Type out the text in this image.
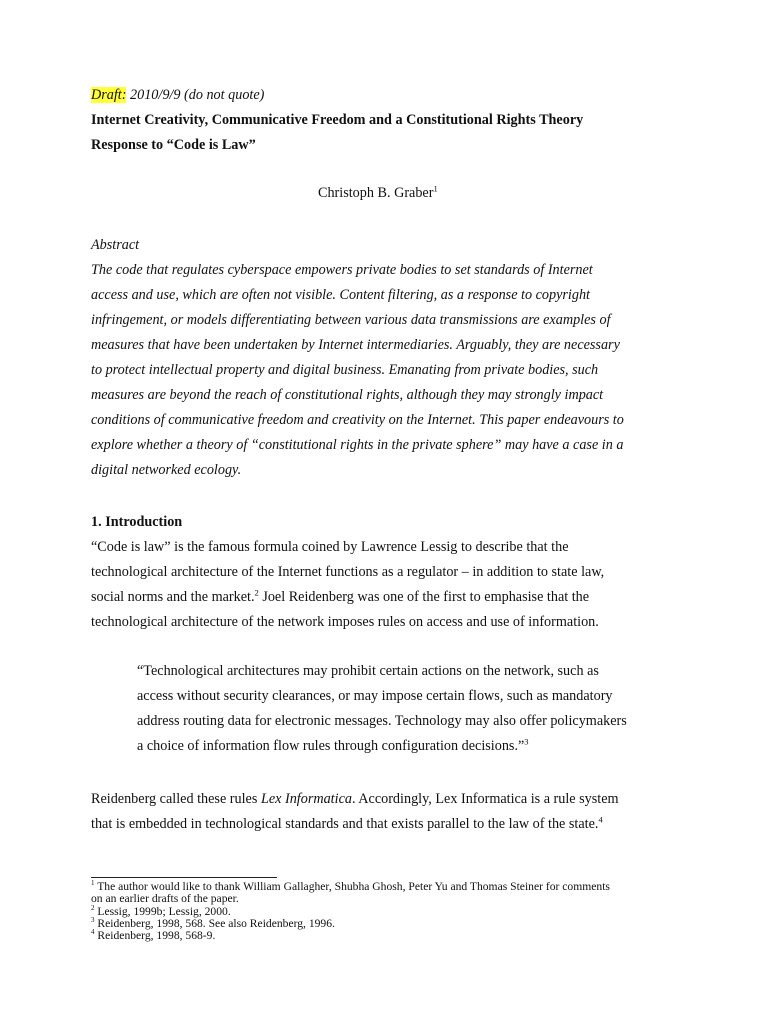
Draft: 2010/9/9 (do not quote)
Internet Creativity, Communicative Freedom and a Constitutional Rights Theory
Response to “Code is Law”
Christoph B. Graber$^1$
Abstract
The code that regulates cyberspace empowers private bodies to set standards of Internet
access and use, which are often not visible. Content filtering, as a response to copyright
infringement, or models differentiating between various data transmissions are examples of
measures that have been undertaken by Internet intermediaries. Arguably, they are necessary
to protect intellectual property and digital business. Emanating from private bodies, such
measures are beyond the reach of constitutional rights, although they may strongly impact
conditions of communicative freedom and creativity on the Internet. This paper endeavours to
explore whether a theory of “constitutional rights in the private sphere” may have a case in a
digital networked ecology.
1. Introduction
“Code is law” is the famous formula coined by Lawrence Lessig to describe that the
technological architecture of the Internet functions as a regulator – in addition to state law,
social norms and the market.$^2$ Joel Reidenberg was one of the first to emphasise that the
technological architecture of the network imposes rules on access and use of information.
“Technological architectures may prohibit certain actions on the network, such as
access without security clearances, or may impose certain flows, such as mandatory
address routing data for electronic messages. Technology may also offer policymakers
a choice of information flow rules through configuration decisions.”$^3$
Reidenberg called these rules Lex Informatica. Accordingly, Lex Informatica is a rule system
that is embedded in technological standards and that exists parallel to the law of the state.$^4$
$^1$ The author would like to thank William Gallagher, Shubha Ghosh, Peter Yu and Thomas Steiner for comments
on an earlier drafts of the paper.
$^2$ Lessig, 1999b; Lessig, 2000.
$^3$ Reidenberg, 1998, 568. See also Reidenberg, 1996.
$^4$ Reidenberg, 1998, 568-9.
